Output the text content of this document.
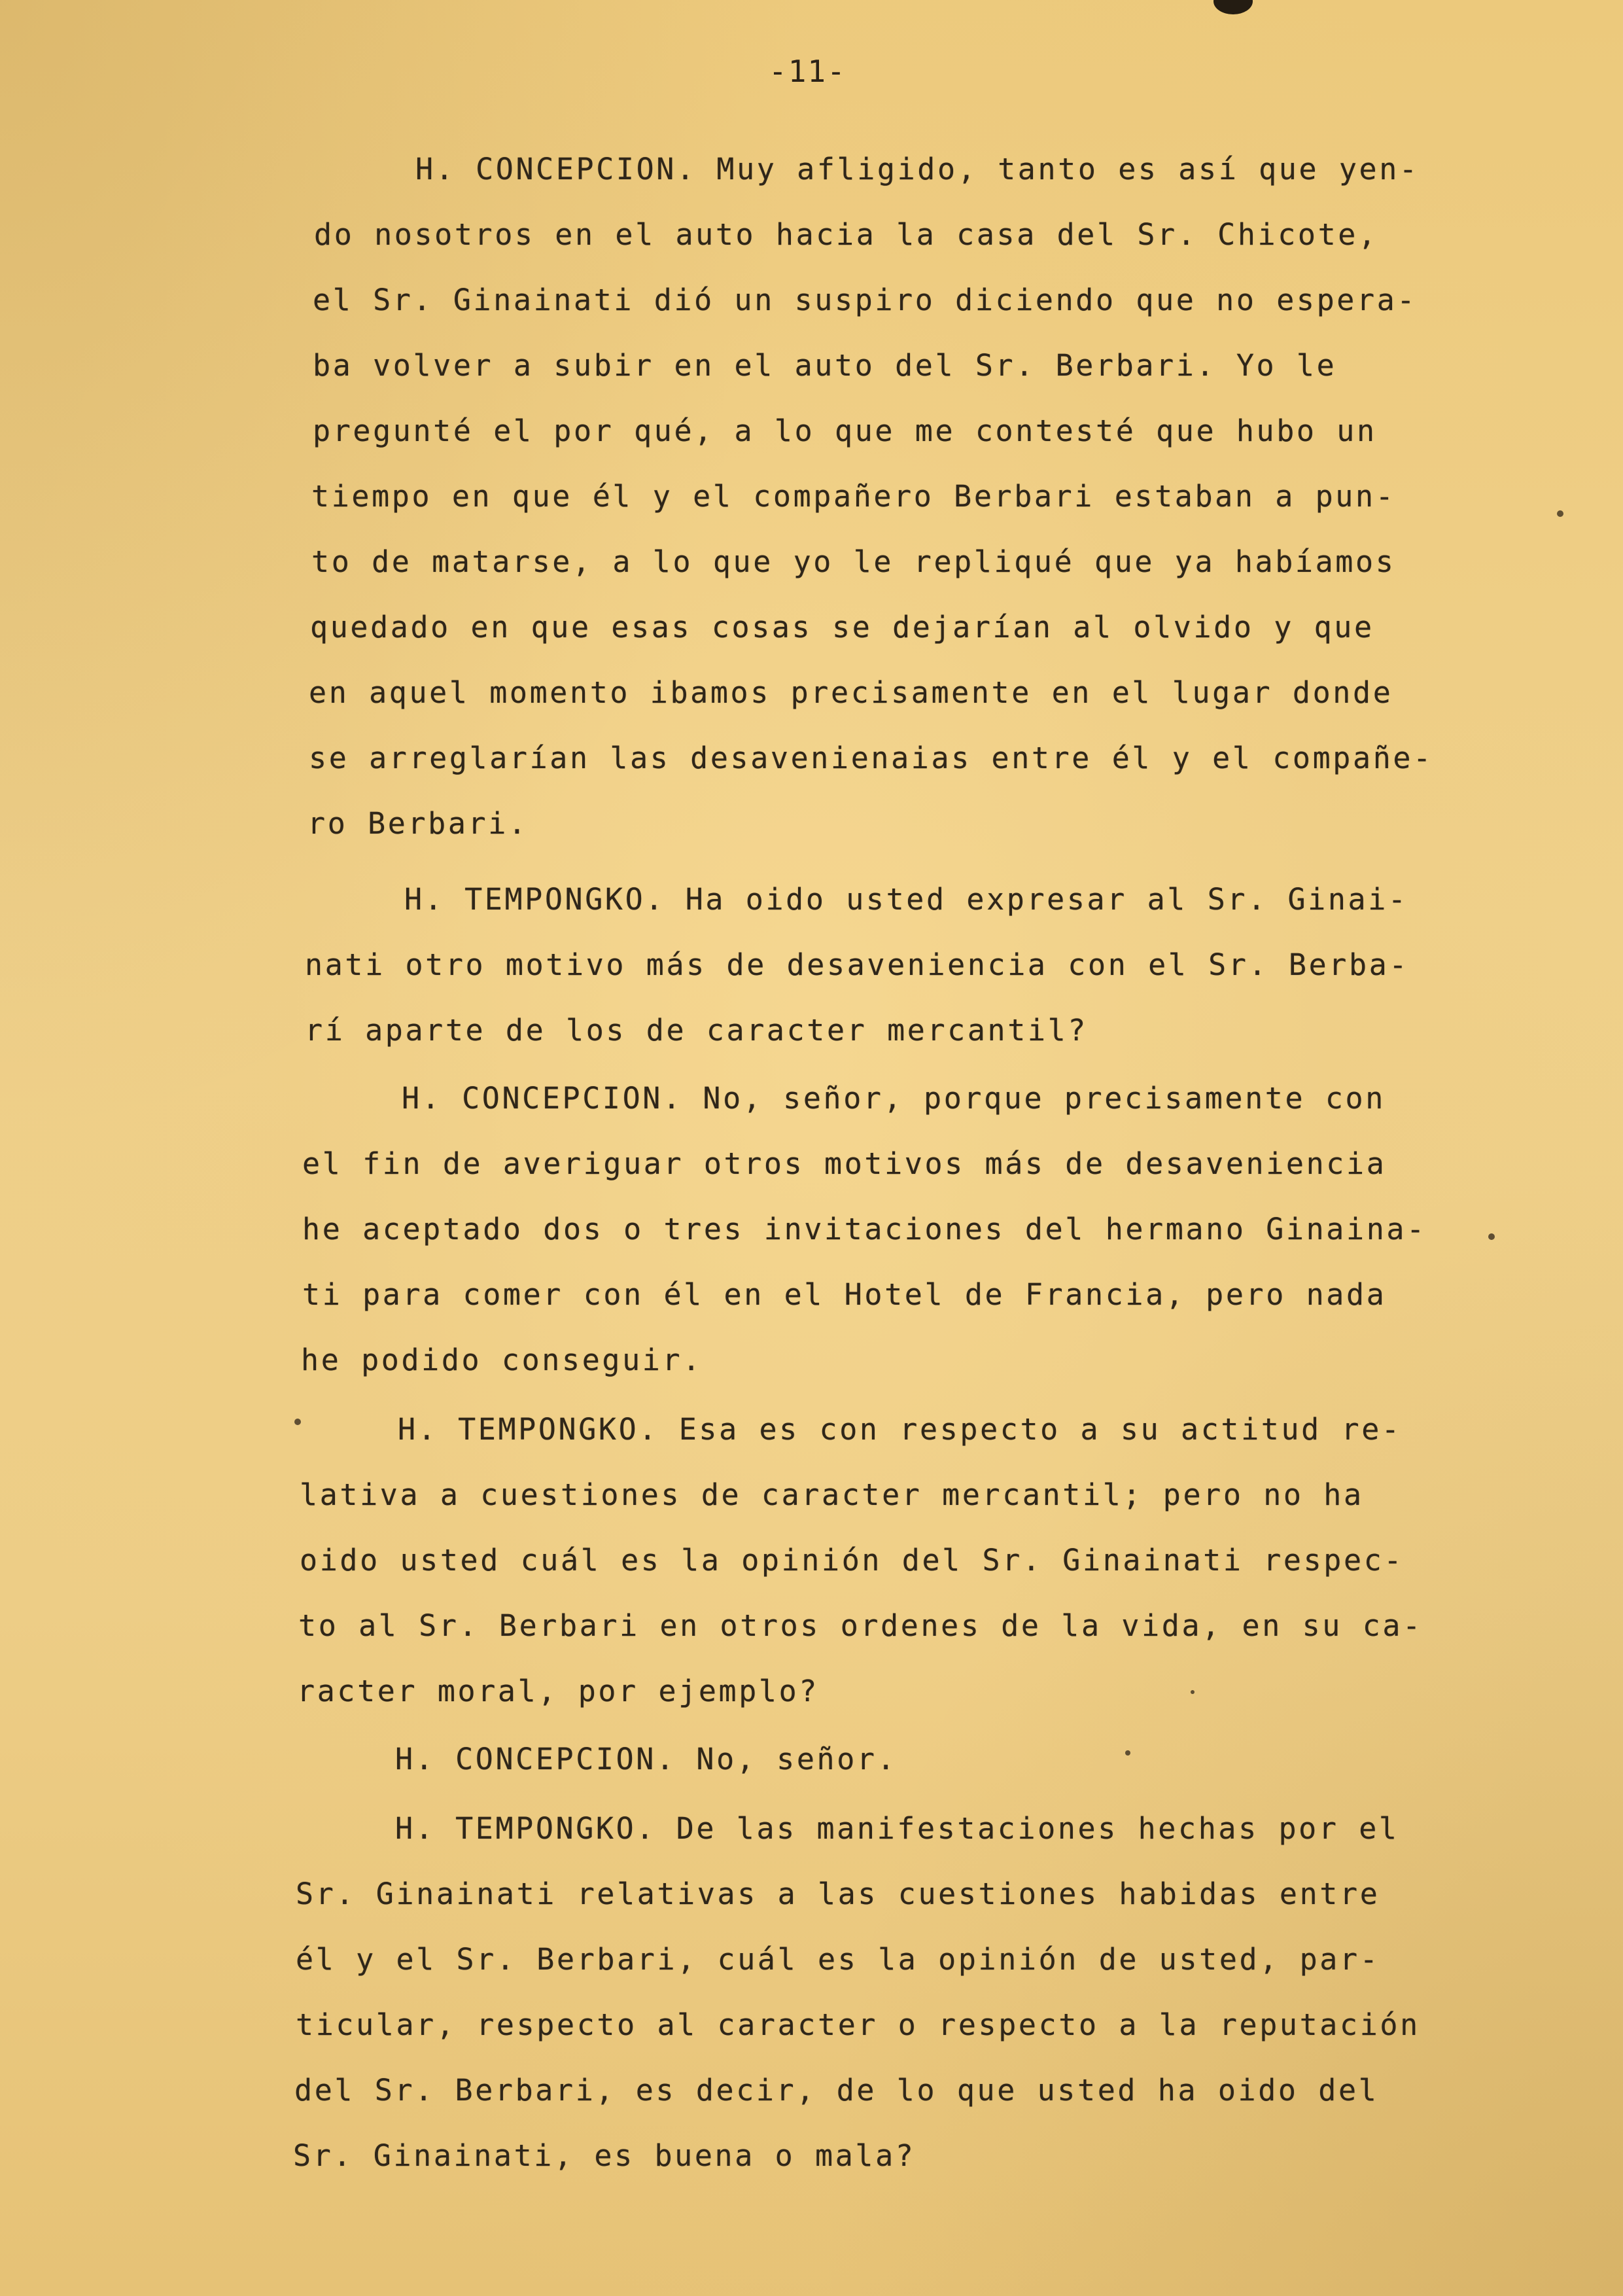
-11-
H. CONCEPCION. Muy afligido, tanto es así que yen-
do nosotros en el auto hacia la casa del Sr. Chicote,
el Sr. Ginainati dió un suspiro diciendo que no espera-
ba volver a subir en el auto del Sr. Berbari. Yo le
pregunté el por qué, a lo que me contesté que hubo un
tiempo en que él y el compañero Berbari estaban a pun-
to de matarse, a lo que yo le repliqué que ya habíamos
quedado en que esas cosas se dejarían al olvido y que
en aquel momento ibamos precisamente en el lugar donde
se arreglarían las desavenienaias entre él y el compañe-
ro Berbari.
H. TEMPONGKO. Ha oido usted expresar al Sr. Ginai-
nati otro motivo más de desaveniencia con el Sr. Berba-
rí aparte de los de caracter mercantil?
H. CONCEPCION. No, señor, porque precisamente con
el fin de averiguar otros motivos más de desaveniencia
he aceptado dos o tres invitaciones del hermano Ginaina-
ti para comer con él en el Hotel de Francia, pero nada
he podido conseguir.
H. TEMPONGKO. Esa es con respecto a su actitud re-
lativa a cuestiones de caracter mercantil; pero no ha
oido usted cuál es la opinión del Sr. Ginainati respec-
to al Sr. Berbari en otros ordenes de la vida, en su ca-
racter moral, por ejemplo?
H. CONCEPCION. No, señor.
H. TEMPONGKO. De las manifestaciones hechas por el
Sr. Ginainati relativas a las cuestiones habidas entre
él y el Sr. Berbari, cuál es la opinión de usted, par-
ticular, respecto al caracter o respecto a la reputación
del Sr. Berbari, es decir, de lo que usted ha oido del
Sr. Ginainati, es buena o mala?
